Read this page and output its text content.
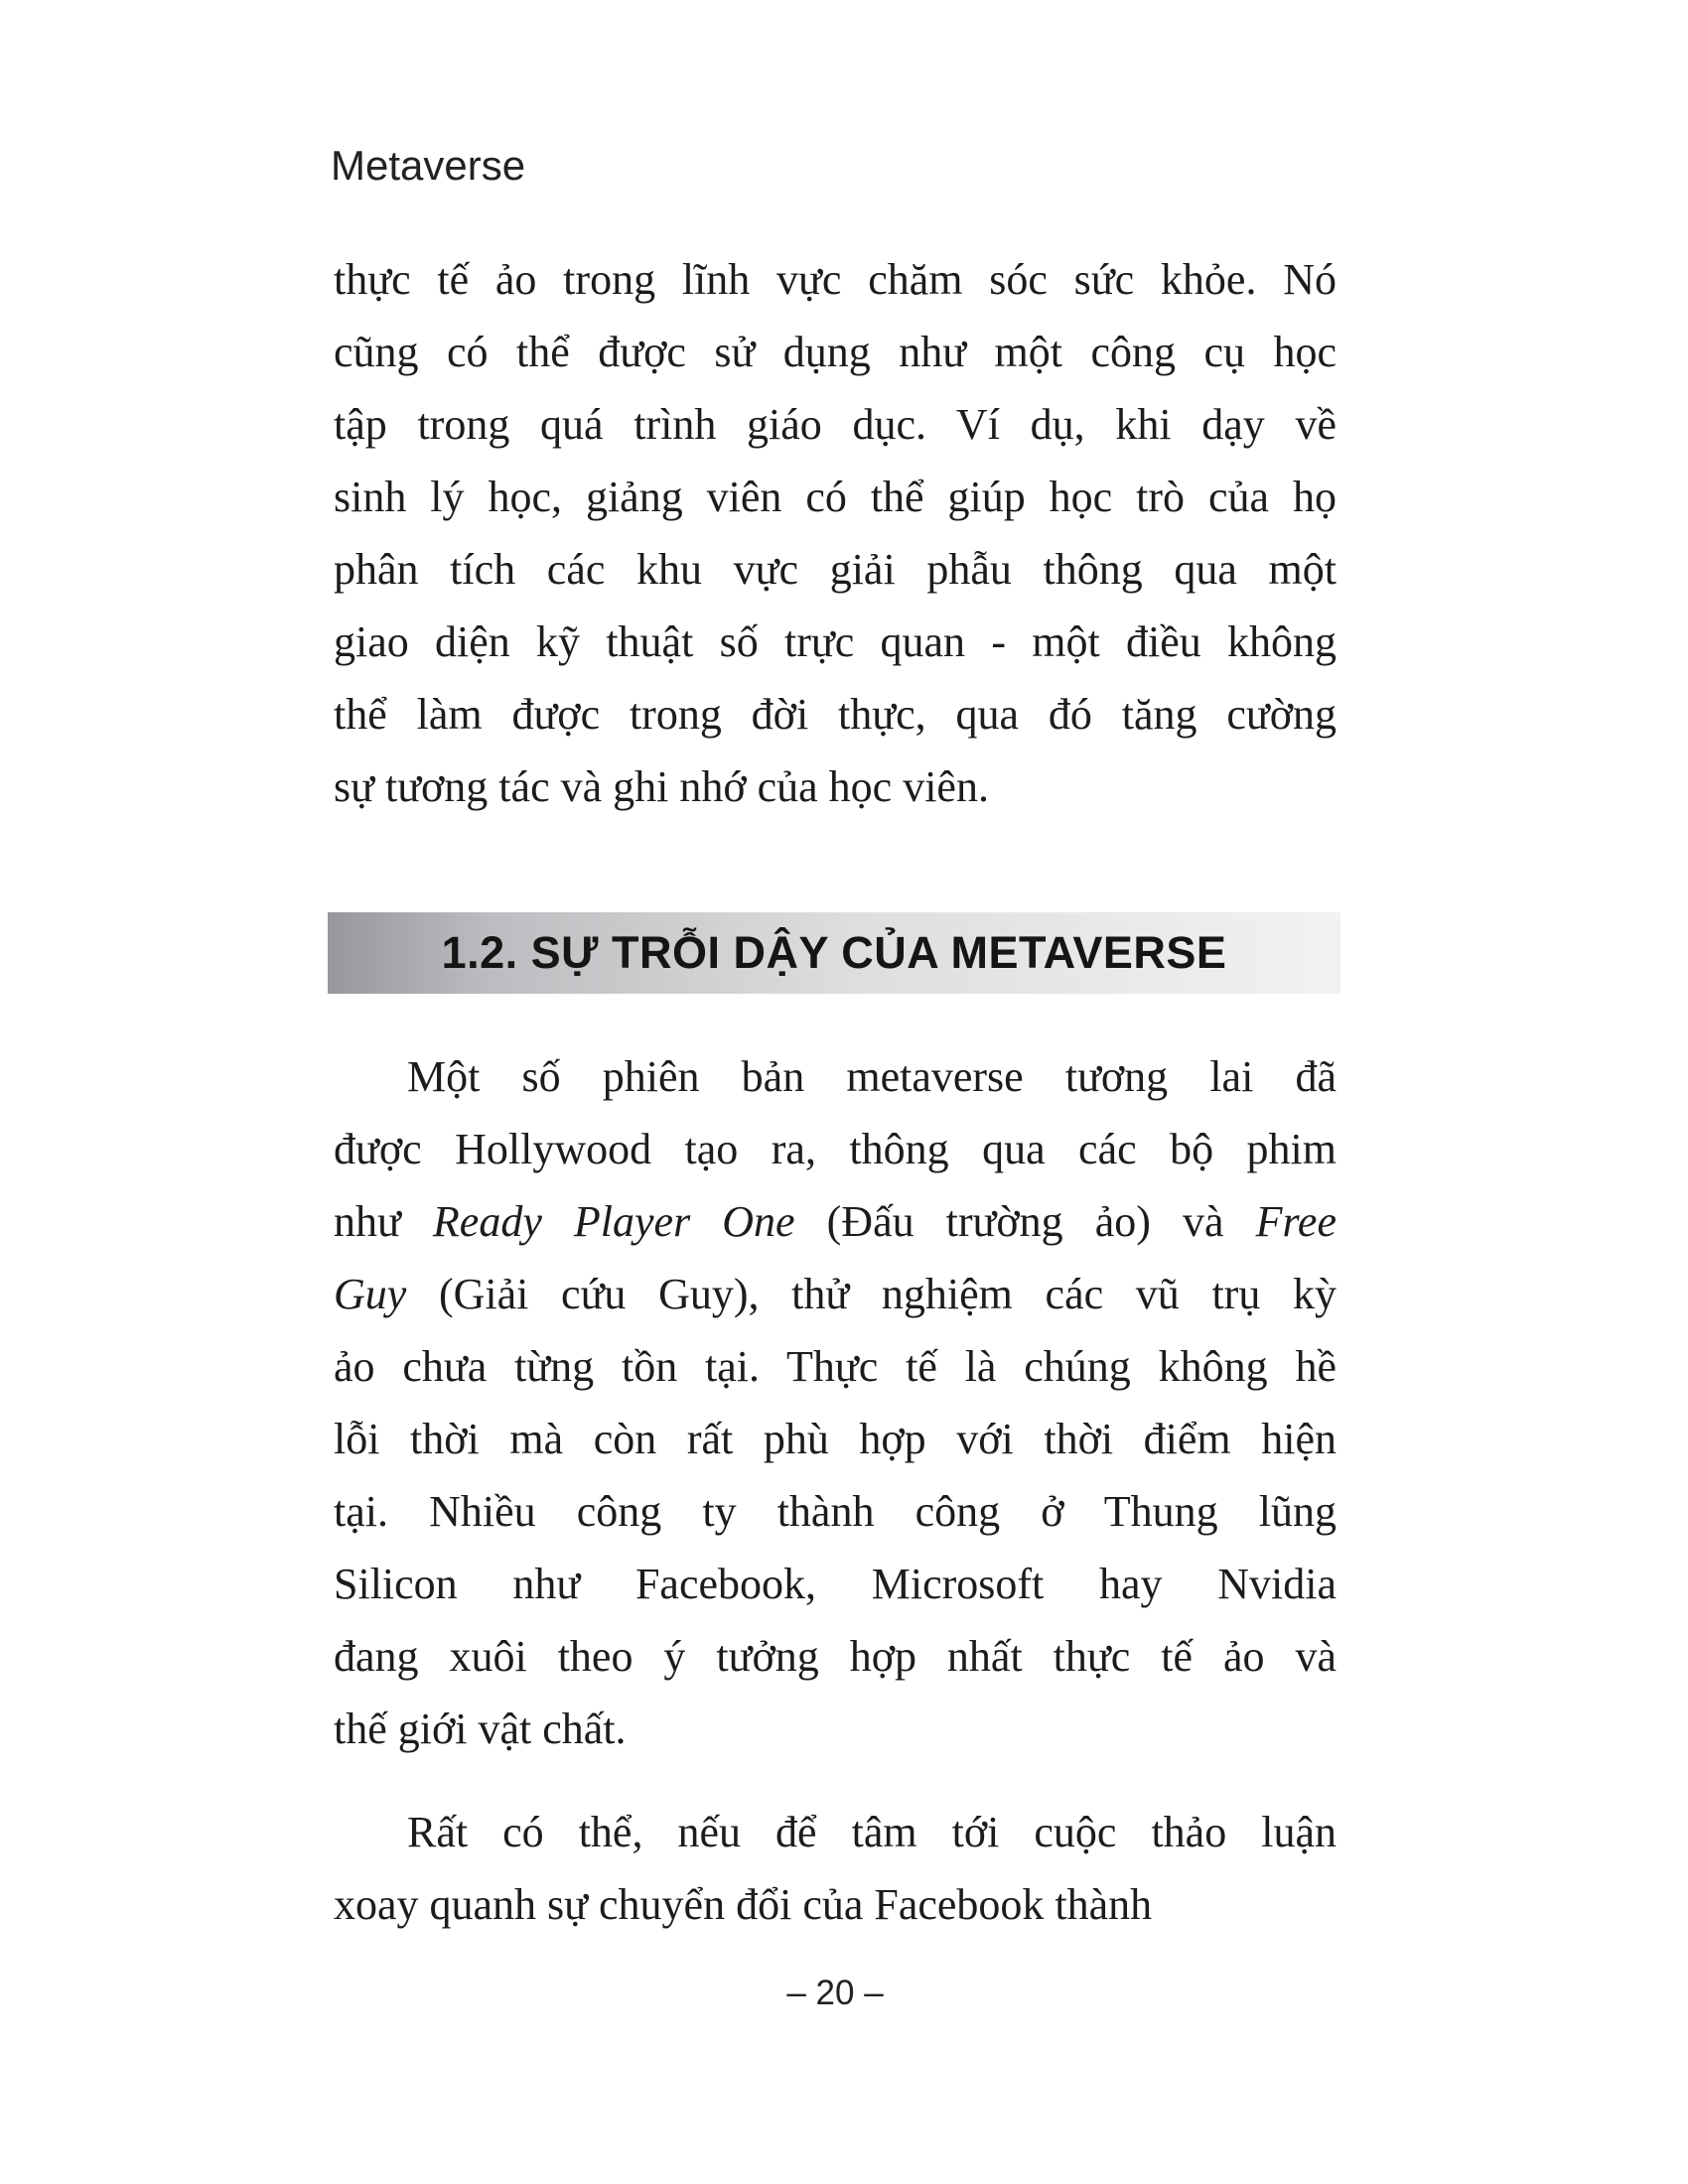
Metaverse
thực tế ảo trong lĩnh vực chăm sóc sức khỏe. Nó
cũng có thể được sử dụng như một công cụ học
tập trong quá trình giáo dục. Ví dụ, khi dạy về
sinh lý học, giảng viên có thể giúp học trò của họ
phân tích các khu vực giải phẫu thông qua một
giao diện kỹ thuật số trực quan - một điều không
thể làm được trong đời thực, qua đó tăng cường
sự tương tác và ghi nhớ của học viên.
Một số phiên bản metaverse tương lai đã
được Hollywood tạo ra, thông qua các bộ phim
như Ready Player One (Đấu trường ảo) và Free
Guy (Giải cứu Guy), thử nghiệm các vũ trụ kỳ
ảo chưa từng tồn tại. Thực tế là chúng không hề
lỗi thời mà còn rất phù hợp với thời điểm hiện
tại. Nhiều công ty thành công ở Thung lũng
Silicon như Facebook, Microsoft hay Nvidia
đang xuôi theo ý tưởng hợp nhất thực tế ảo và
thế giới vật chất.
Rất có thể, nếu để tâm tới cuộc thảo luận
xoay quanh sự chuyển đổi của Facebook thành
1.2. SỰ TRỖI DẬY CỦA METAVERSE
– 20 –
